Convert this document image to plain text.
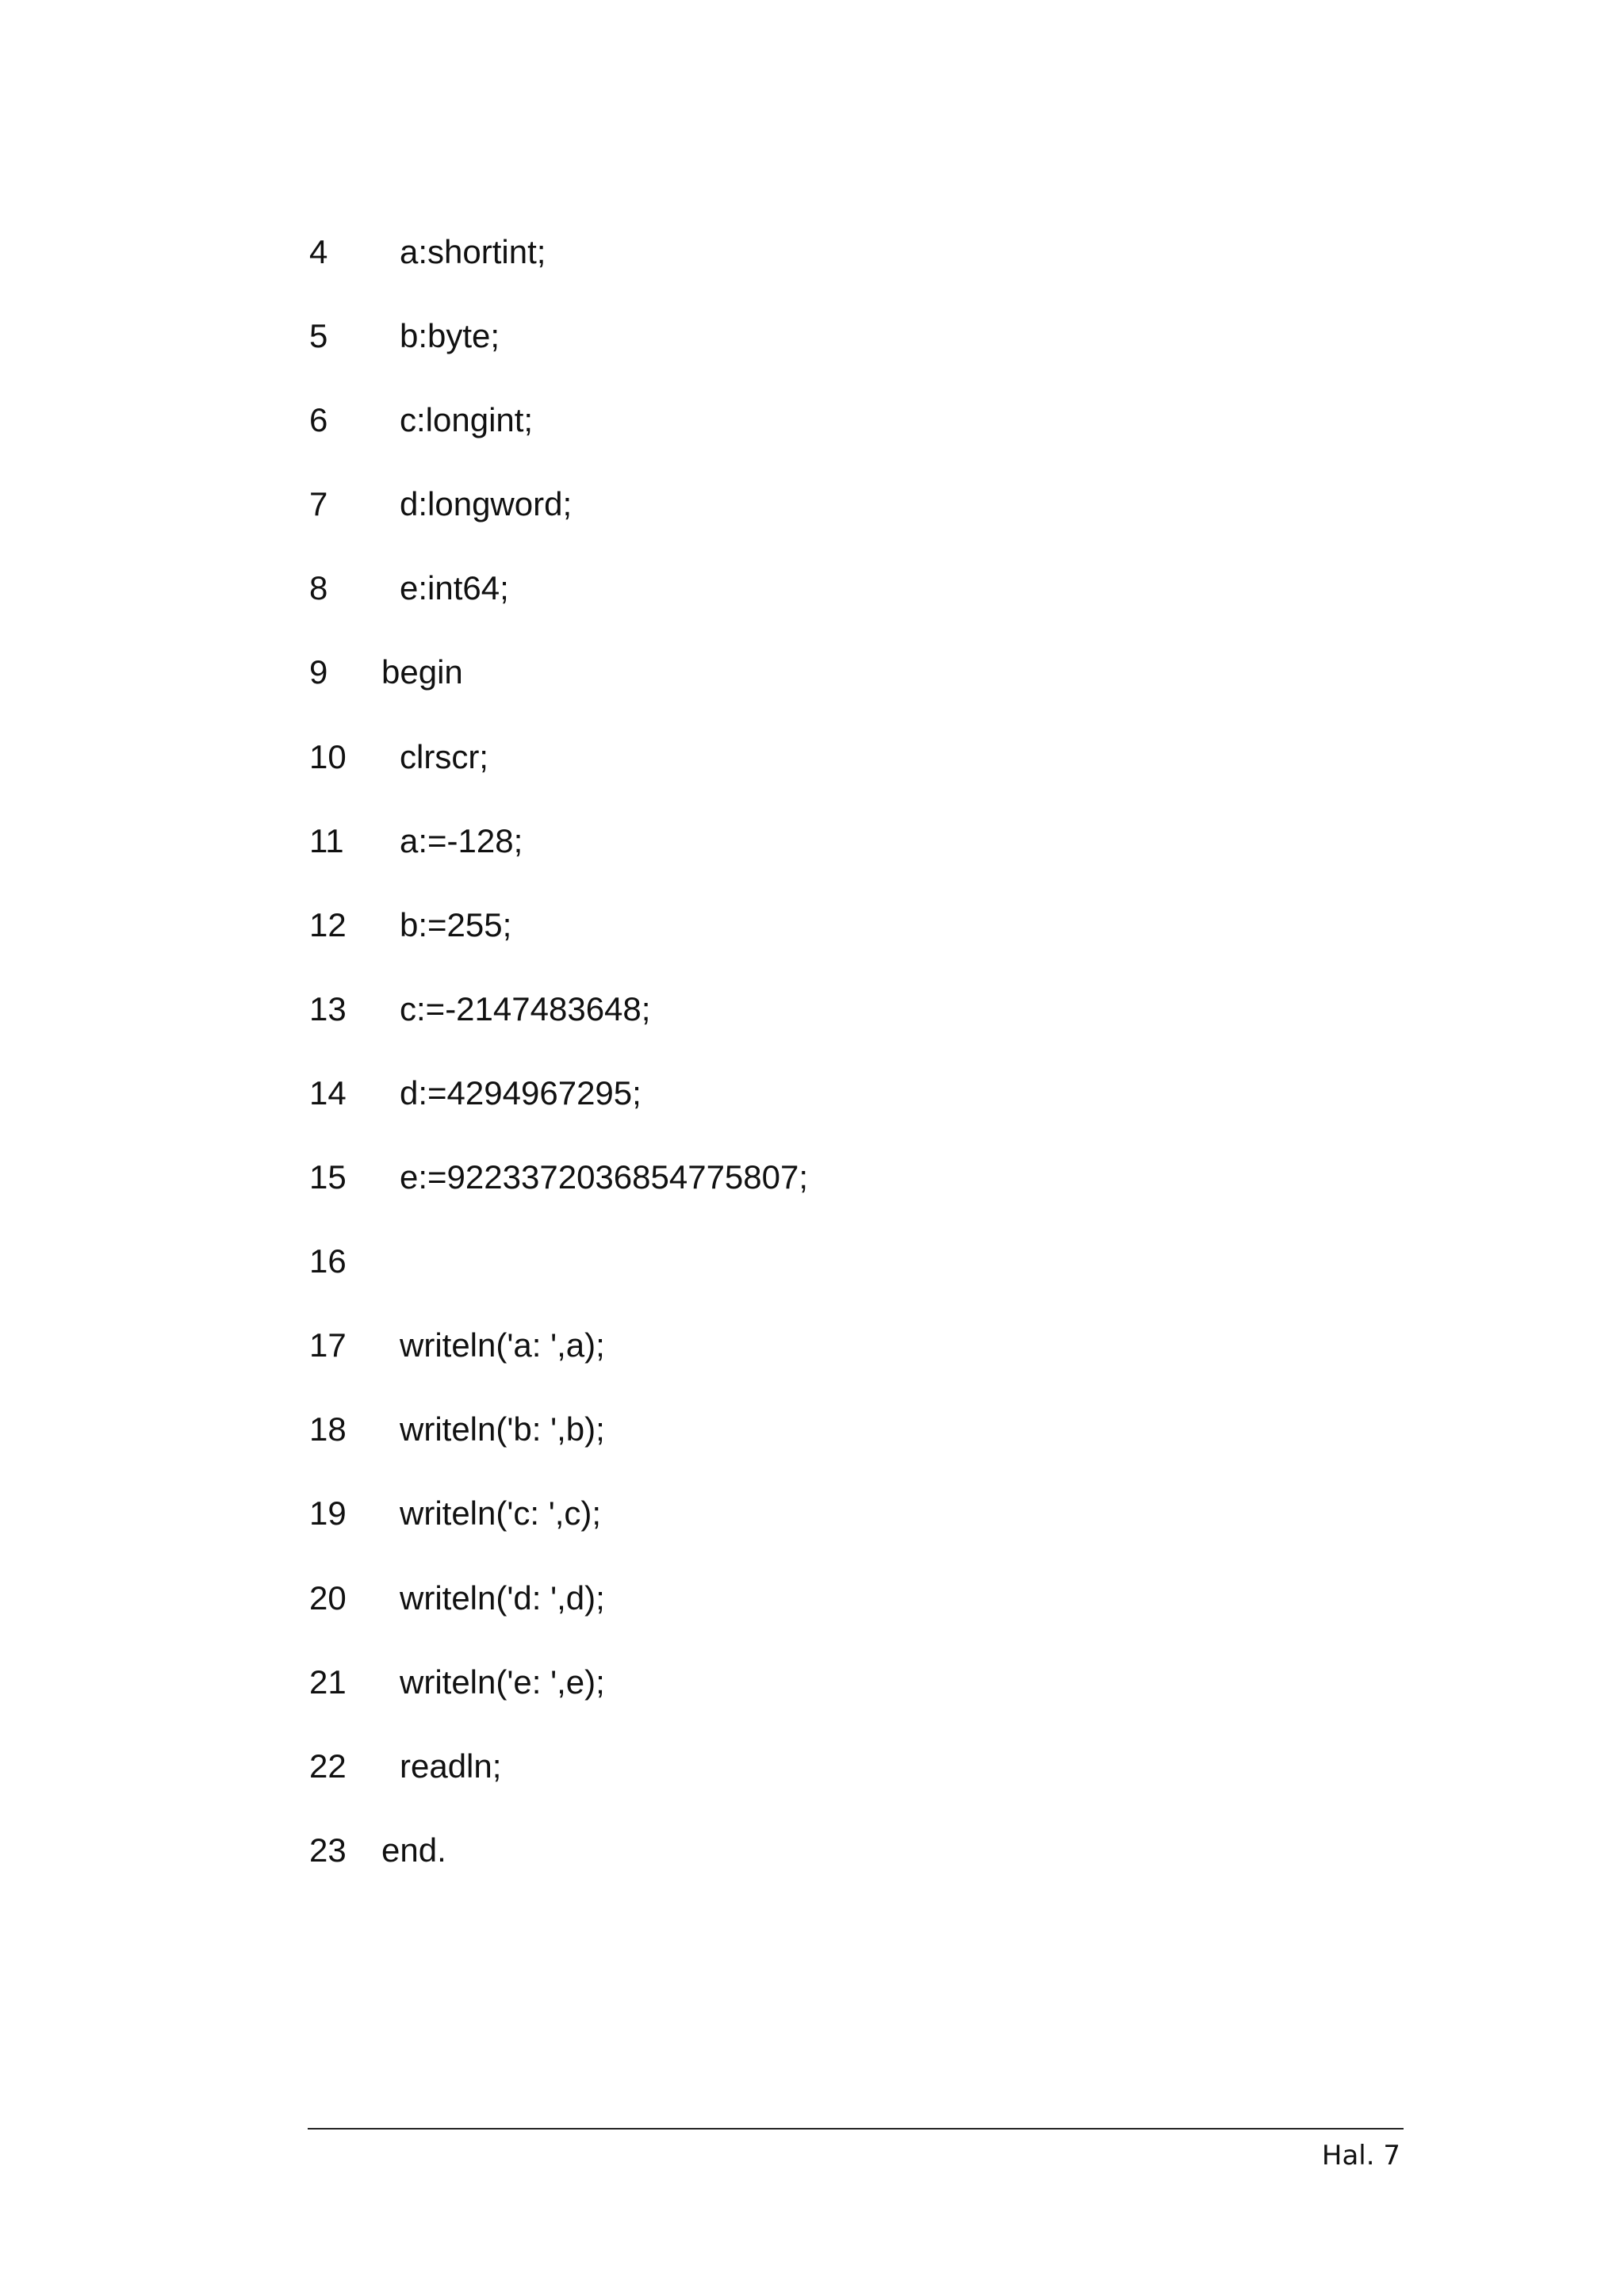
4

a:shortint;

5

b:byte;

6

c:longint;

7

d:longword;

8

e:int64;

9

begin

10

clrscr;

11

a:=-128;

12

b:=255;

13

c:=-2147483648;

14

d:=4294967295;

15

e:=9223372036854775807;

16

17

writeln('a: ',a);

18

writeln('b: ',b);

19

writeln('c: ',c);

20

writeln('d: ',d);

21

writeln('e: ',e);

22

readln;

23

end.

Hal. 7
